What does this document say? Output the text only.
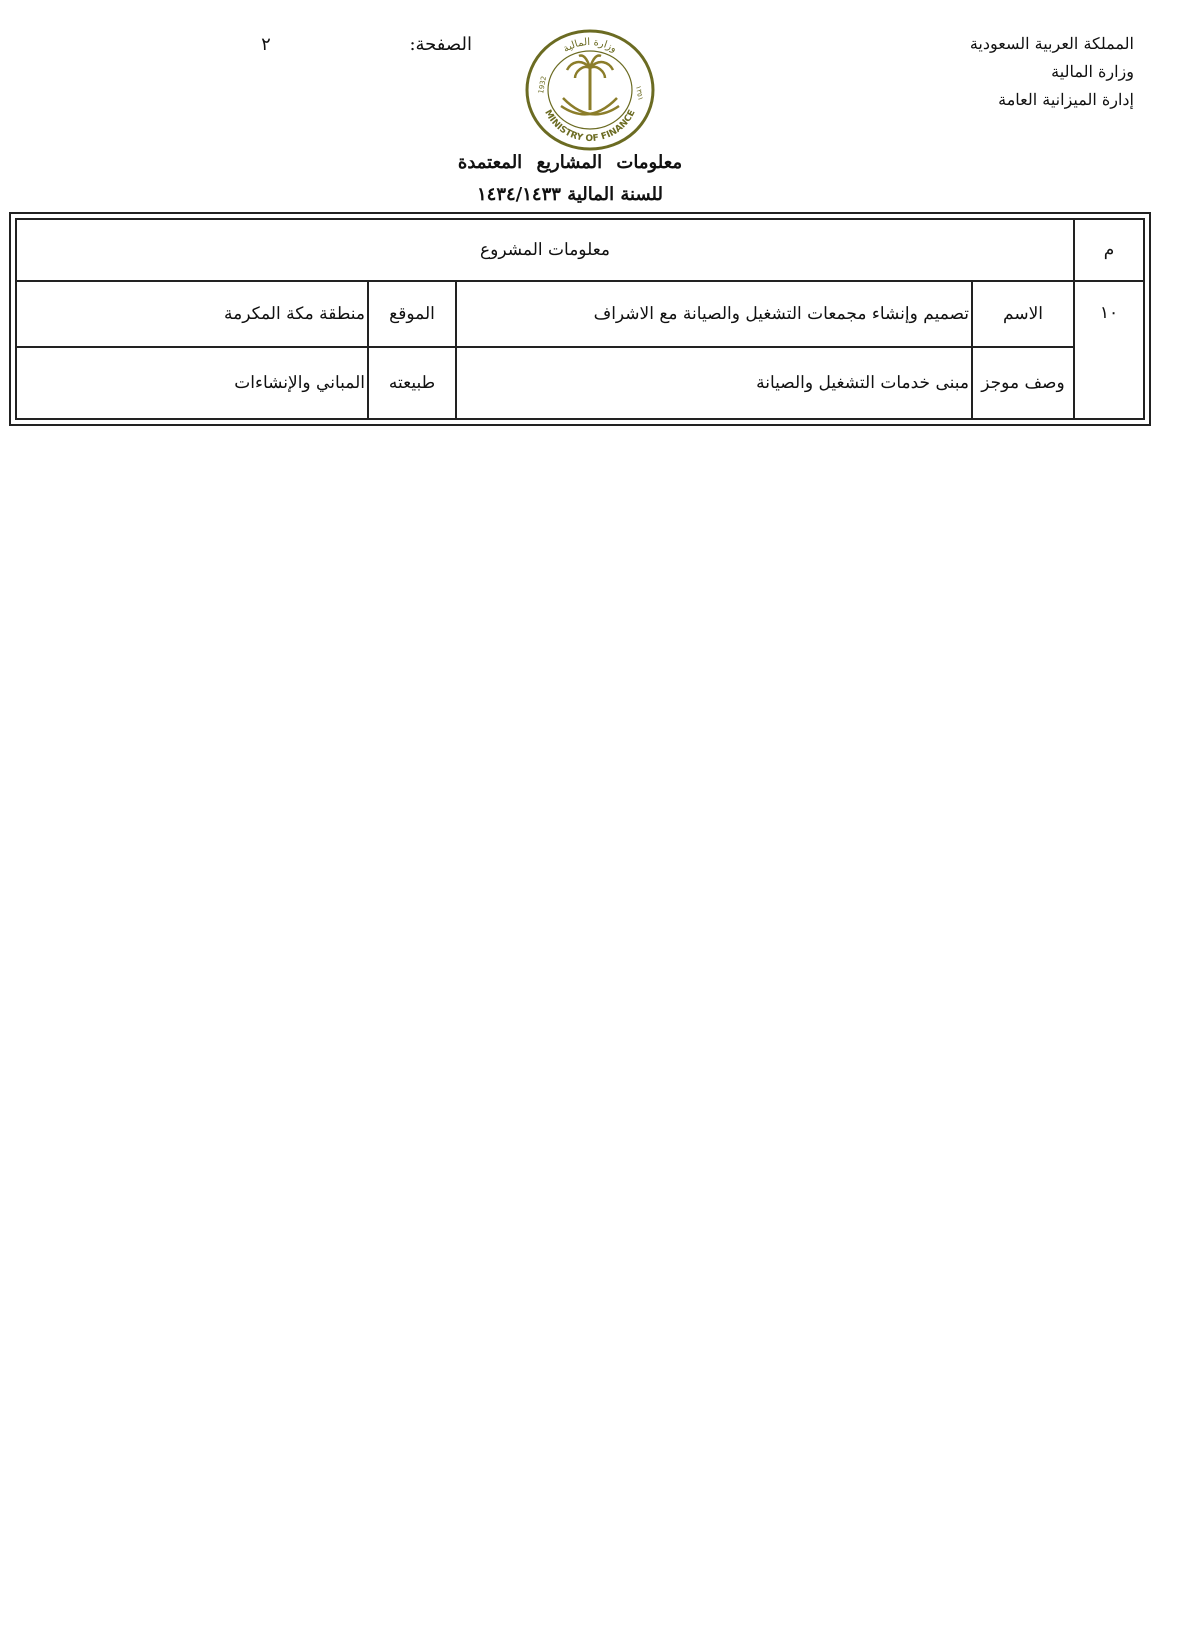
المملكة العربية السعودية
وزارة المالية
إدارة الميزانية العامة
الصفحة:
٢
MINISTRY OF FINANCE
1932	١٣٥١
وزارة المالية
معلومات المشاريع المعتمدة
للسنة المالية ١٤٣٤/١٤٣٣
م
معلومات المشروع
١٠
الاسم
تصميم وإنشاء مجمعات التشغيل والصيانة مع الاشراف
الموقع
منطقة مكة المكرمة
وصف موجز
مبنى خدمات التشغيل والصيانة
طبيعته
المباني والإنشاءات
